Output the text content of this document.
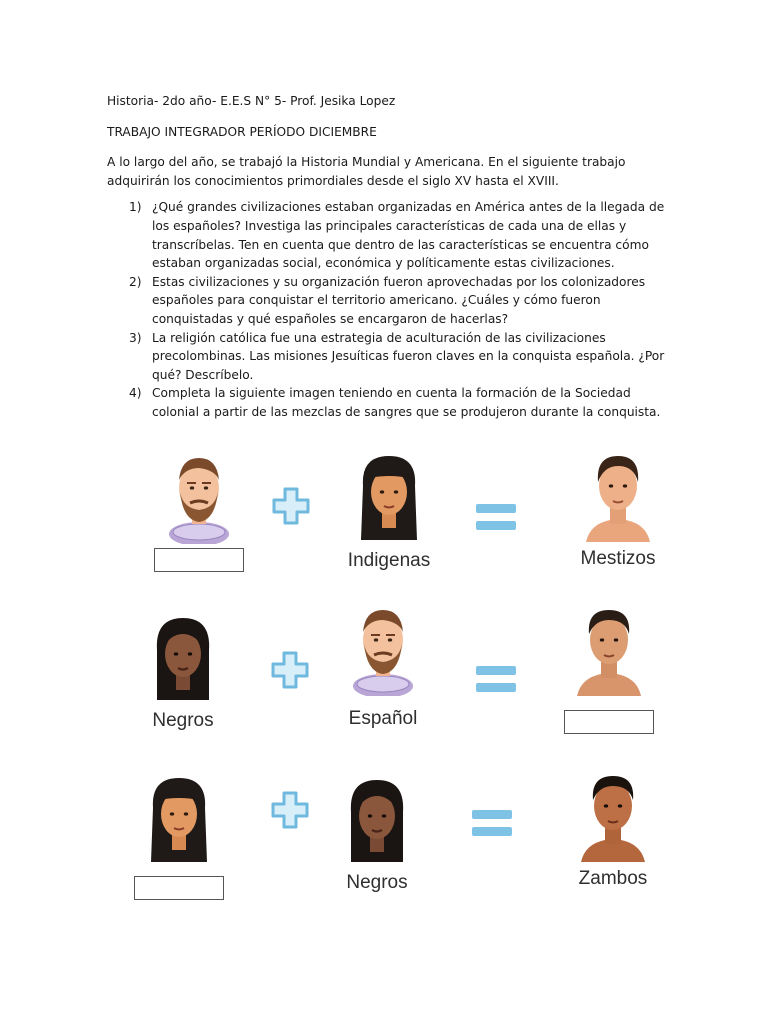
Historia- 2do año- E.E.S N° 5- Prof. Jesika Lopez

TRABAJO INTEGRADOR PERÍODO DICIEMBRE

A lo largo del año, se trabajó la Historia Mundial y Americana. En el siguiente trabajo adquirirán los conocimientos primordiales desde el siglo XV hasta el XVIII.

1) ¿Qué grandes civilizaciones estaban organizadas en América antes de la llegada de los españoles? Investiga las principales características de cada una de ellas y transcríbelas. Ten en cuenta que dentro de las características se encuentra cómo estaban organizadas social, económica y políticamente estas civilizaciones.
2) Estas civilizaciones y su organización fueron aprovechadas por los colonizadores españoles para conquistar el territorio americano. ¿Cuáles y cómo fueron conquistadas y qué españoles se encargaron de hacerlas?
3) La religión católica fue una estrategia de aculturación de las civilizaciones precolombinas. Las misiones Jesuíticas fueron claves en la conquista española. ¿Por qué? Descríbelo.
4) Completa la siguiente imagen teniendo en cuenta la formación de la Sociedad colonial a partir de las mezclas de sangres que se produjeron durante la conquista.
Indigenas	Mestizos
Negros	Español
Negros	Zambos
